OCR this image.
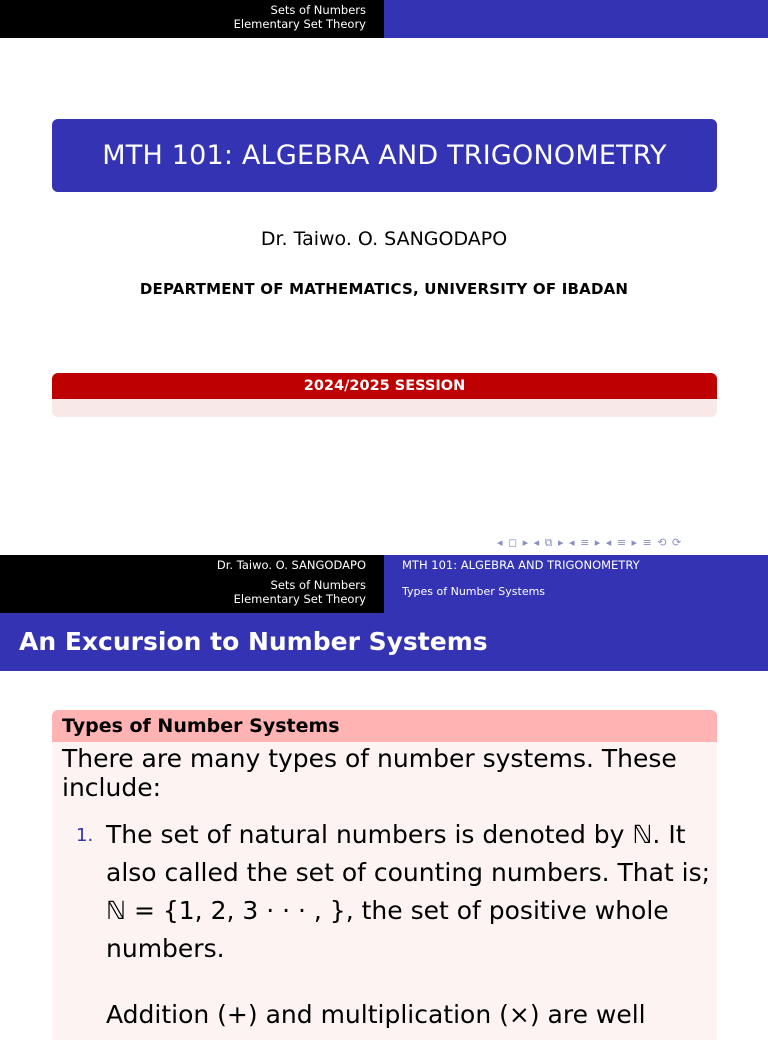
Sets of Numbers
Elementary Set Theory
MTH 101: ALGEBRA AND TRIGONOMETRY
Dr. Taiwo. O. SANGODAPO
DEPARTMENT OF MATHEMATICS, UNIVERSITY OF IBADAN
2024/2025 SESSION
◂ ◻ ▸ ◂ ⧉ ▸ ◂ ≡ ▸ ◂ ≡ ▸ ≡ ⟲ ⟳
Dr. Taiwo. O. SANGODAPO
Sets of Numbers
Elementary Set Theory
MTH 101: ALGEBRA AND TRIGONOMETRY
Types of Number Systems
An Excursion to Number Systems
Types of Number Systems
There are many types of number systems. These include:
1. The set of natural numbers is denoted by ℕ. It also called the set of counting numbers. That is; ℕ = {1, 2, 3 · · · , }, the set of positive whole numbers.
Addition (+) and multiplication (×) are well
